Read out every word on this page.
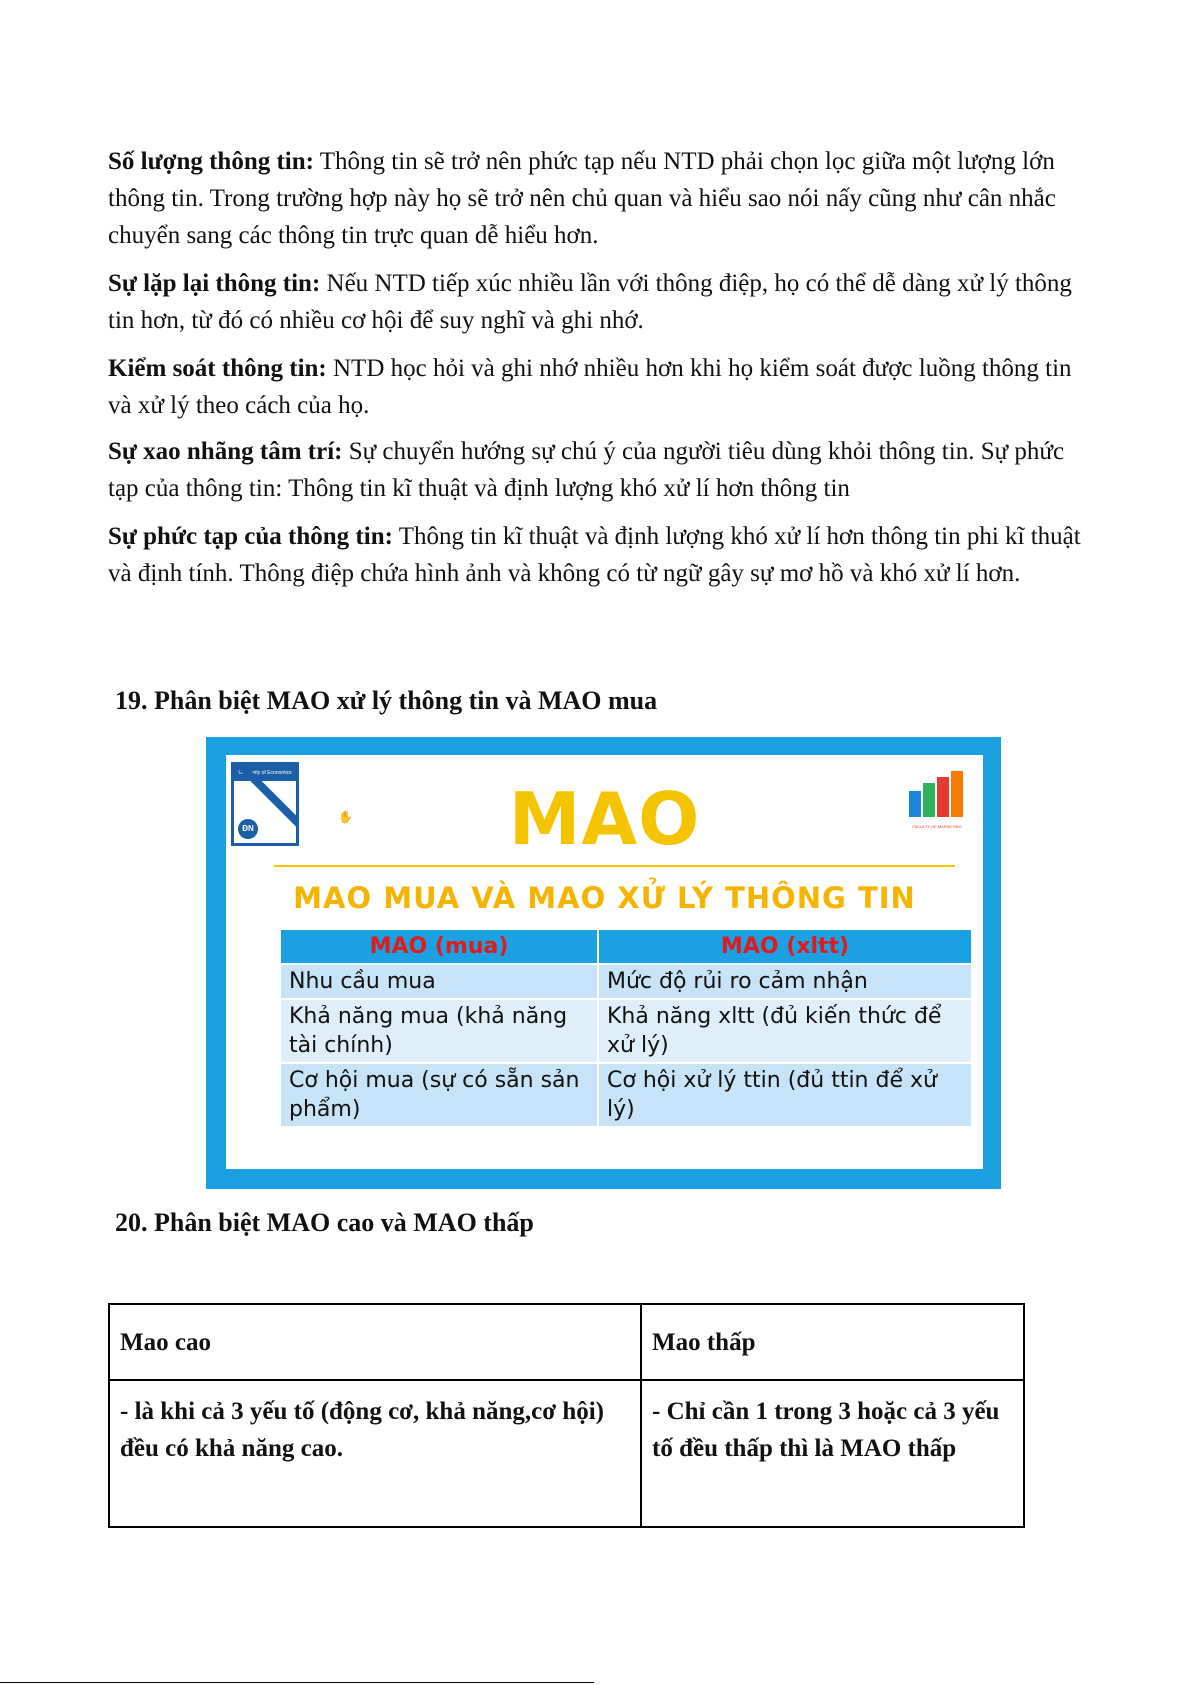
Số lượng thông tin: Thông tin sẽ trở nên phức tạp nếu NTD phải chọn lọc giữa một lượng lớn thông tin. Trong trường hợp này họ sẽ trở nên chủ quan và hiểu sao nói nấy cũng như cân nhắc chuyển sang các thông tin trực quan dễ hiểu hơn.

Sự lặp lại thông tin: Nếu NTD tiếp xúc nhiều lần với thông điệp, họ có thể dễ dàng xử lý thông tin hơn, từ đó có nhiều cơ hội để suy nghĩ và ghi nhớ.

Kiểm soát thông tin: NTD học hỏi và ghi nhớ nhiều hơn khi họ kiểm soát được luồng thông tin và xử lý theo cách của họ.

Sự xao nhãng tâm trí: Sự chuyển hướng sự chú ý của người tiêu dùng khỏi thông tin. Sự phức tạp của thông tin: Thông tin kĩ thuật và định lượng khó xử lí hơn thông tin

Sự phức tạp của thông tin: Thông tin kĩ thuật và định lượng khó xử lí hơn thông tin phi kĩ thuật và định tính. Thông điệp chứa hình ảnh và không có từ ngữ gây sự mơ hồ và khó xử lí hơn.

19. Phân biệt MAO xử lý thông tin và MAO mua
University of Economics
ĐN
✋	MAO	FACULTY OF MARKETING
MAO MUA VÀ MAO XỬ LÝ THÔNG TIN
MAO (mua)	MAO (xltt)
Nhu cầu mua	Mức độ rủi ro cảm nhận
Khả năng mua (khả năng tài chính)	Khả năng xltt (đủ kiến thức để xử lý)
Cơ hội mua (sự có sẵn sản phẩm)	Cơ hội xử lý ttin (đủ ttin để xử lý)
20. Phân biệt MAO cao và MAO thấp
Mao cao	Mao thấp
- là khi cả 3 yếu tố (động cơ, khả năng,cơ hội) đều có khả năng cao.	- Chỉ cần 1 trong 3 hoặc cả 3 yếu tố đều thấp thì là MAO thấp
